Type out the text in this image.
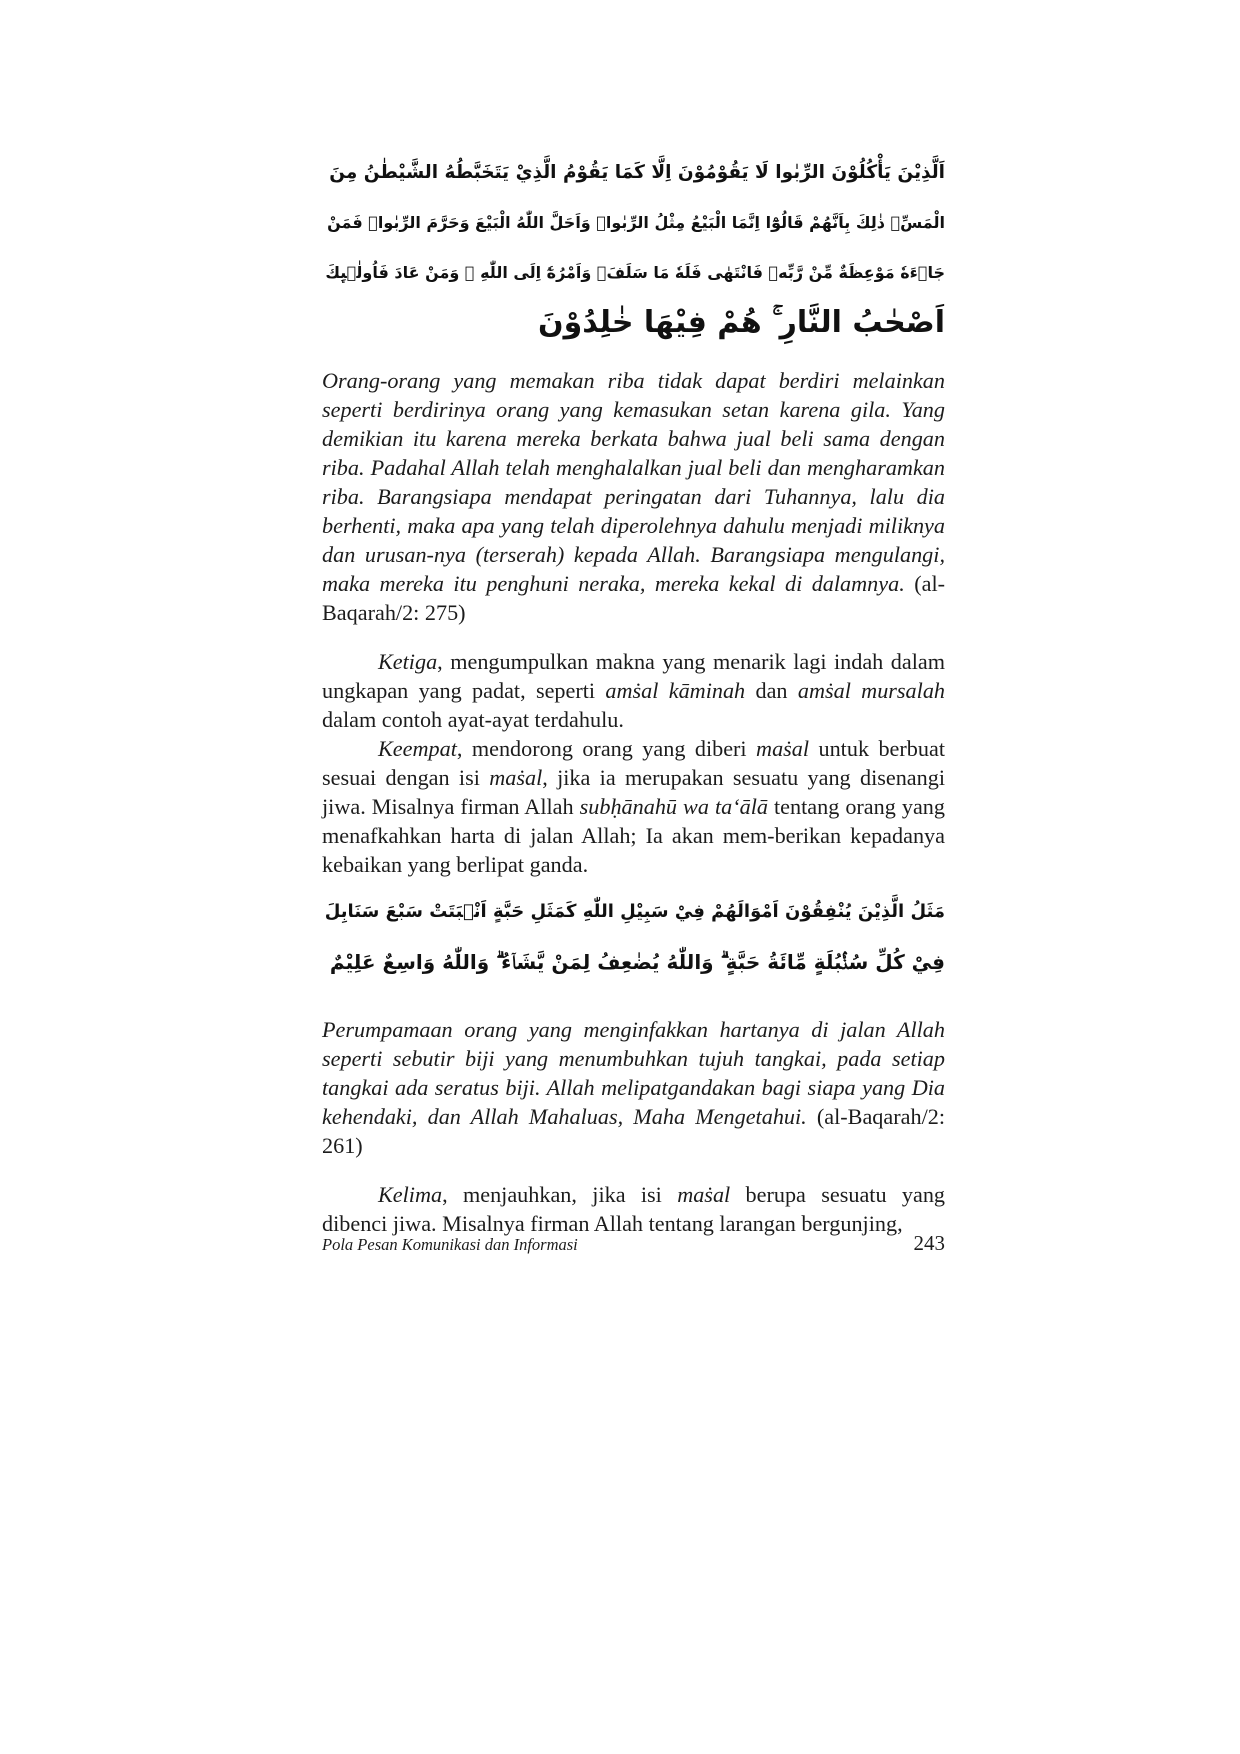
اَلَّذِيْنَ يَأْكُلُوْنَ الرِّبٰوا لَا يَقُوْمُوْنَ اِلَّا كَمَا يَقُوْمُ الَّذِيْ يَتَخَبَّطُهُ الشَّيْطٰنُ مِنَ
الْمَسِّۗ ذٰلِكَ بِاَنَّهُمْ قَالُوْٓا اِنَّمَا الْبَيْعُ مِثْلُ الرِّبٰواۘ وَاَحَلَّ اللّٰهُ الْبَيْعَ وَحَرَّمَ الرِّبٰواۗ فَمَنْ
جَاۤءَهٗ مَوْعِظَةٌ مِّنْ رَّبِّهٖ فَانْتَهٰى فَلَهٗ مَا سَلَفَۗ وَاَمْرُهٗٓ اِلَى اللّٰهِ ۗ وَمَنْ عَادَ فَاُولٰۤىِٕكَ
اَصْحٰبُ النَّارِ ۚ هُمْ فِيْهَا خٰلِدُوْنَ

Orang-orang yang memakan riba tidak dapat berdiri melainkan seperti berdirinya orang yang kemasukan setan karena gila. Yang demikian itu karena mereka berkata bahwa jual beli sama dengan riba. Padahal Allah telah menghalalkan jual beli dan mengharamkan riba. Barangsiapa mendapat peringatan dari Tuhannya, lalu dia berhenti, maka apa yang telah diperolehnya dahulu menjadi miliknya dan urusan-nya (terserah) kepada Allah. Barangsiapa mengulangi, maka mereka itu penghuni neraka, mereka kekal di dalamnya. (al-Baqarah/2: 275)

Ketiga, mengumpulkan makna yang menarik lagi indah dalam ungkapan yang padat, seperti amṡal kāminah dan amṡal mursalah dalam contoh ayat-ayat terdahulu.

Keempat, mendorong orang yang diberi maṡal untuk berbuat sesuai dengan isi maṡal, jika ia merupakan sesuatu yang disenangi jiwa. Misalnya firman Allah subḥānahū wa ta‘ālā tentang orang yang menafkahkan harta di jalan Allah; Ia akan mem-berikan kepadanya kebaikan yang berlipat ganda.

مَثَلُ الَّذِيْنَ يُنْفِقُوْنَ اَمْوَالَهُمْ فِيْ سَبِيْلِ اللّٰهِ كَمَثَلِ حَبَّةٍ اَنْۢبَتَتْ سَبْعَ سَنَابِلَ
فِيْ كُلِّ سُنْۢبُلَةٍ مِّائَةُ حَبَّةٍ ۗ وَاللّٰهُ يُضٰعِفُ لِمَنْ يَّشَاۤءُ ۗ وَاللّٰهُ وَاسِعٌ عَلِيْمٌ

Perumpamaan orang yang menginfakkan hartanya di jalan Allah seperti sebutir biji yang menumbuhkan tujuh tangkai, pada setiap tangkai ada seratus biji. Allah melipatgandakan bagi siapa yang Dia kehendaki, dan Allah Mahaluas, Maha Mengetahui. (al-Baqarah/2: 261)

Kelima, menjauhkan, jika isi maṡal berupa sesuatu yang dibenci jiwa. Misalnya firman Allah tentang larangan bergunjing,

Pola Pesan Komunikasi dan Informasi	243
